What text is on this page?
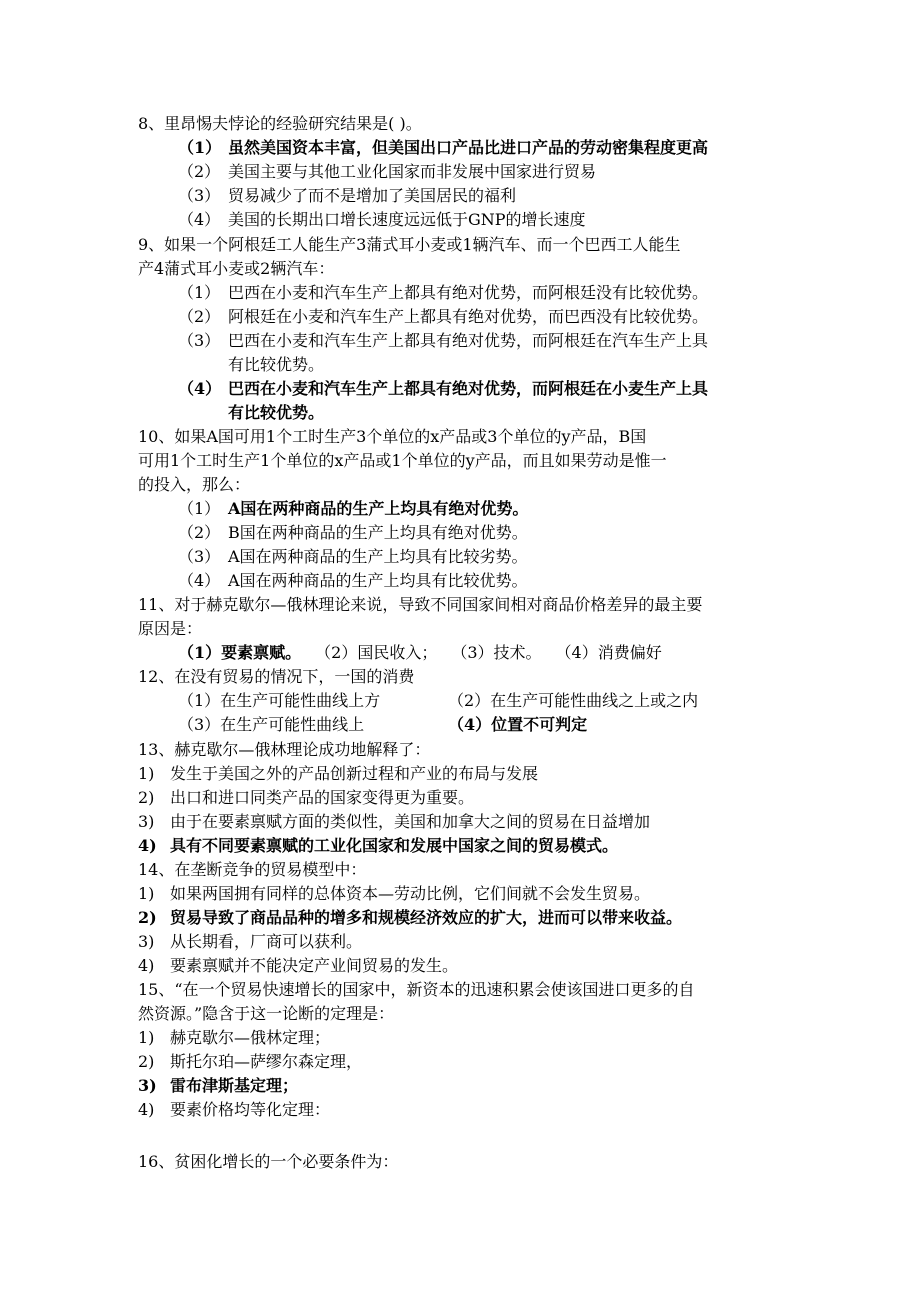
8、里昂惕夫悖论的经验研究结果是( )。
（1） 虽然美国资本丰富，但美国出口产品比进口产品的劳动密集程度更高
（2） 美国主要与其他工业化国家而非发展中国家进行贸易
（3） 贸易减少了而不是增加了美国居民的福利
（4） 美国的长期出口增长速度远远低于GNP的增长速度
9、如果一个阿根廷工人能生产3蒲式耳小麦或1辆汽车、而一个巴西工人能生
产4蒲式耳小麦或2辆汽车：
（1） 巴西在小麦和汽车生产上都具有绝对优势，而阿根廷没有比较优势。
（2） 阿根廷在小麦和汽车生产上都具有绝对优势，而巴西没有比较优势。
（3） 巴西在小麦和汽车生产上都具有绝对优势，而阿根廷在汽车生产上具
有比较优势。
（4） 巴西在小麦和汽车生产上都具有绝对优势，而阿根廷在小麦生产上具
有比较优势。
10、如果A国可用1个工时生产3个单位的x产品或3个单位的y产品，B国
可用1个工时生产1个单位的x产品或1个单位的y产品，而且如果劳动是惟一
的投入，那么：
（1） A国在两种商品的生产上均具有绝对优势。
（2） B国在两种商品的生产上均具有绝对优势。
（3） A国在两种商品的生产上均具有比较劣势。
（4） A国在两种商品的生产上均具有比较优势。
11、对于赫克歇尔—俄林理论来说，导致不同国家间相对商品价格差异的最主要
原因是：
（1）要素禀赋。 （2）国民收入； （3）技术。 （4）消费偏好
12、在没有贸易的情况下，一国的消费
（1）在生产可能性曲线上方	（2）在生产可能性曲线之上或之内
（3）在生产可能性曲线上	（4）位置不可判定
13、赫克歇尔—俄林理论成功地解释了：
1) 发生于美国之外的产品创新过程和产业的布局与发展
2) 出口和进口同类产品的国家变得更为重要。
3) 由于在要素禀赋方面的类似性，美国和加拿大之间的贸易在日益增加
4) 具有不同要素禀赋的工业化国家和发展中国家之间的贸易模式。
14、在垄断竞争的贸易模型中：
1) 如果两国拥有同样的总体资本—劳动比例，它们间就不会发生贸易。
2) 贸易导致了商品品种的增多和规模经济效应的扩大，进而可以带来收益。
3) 从长期看，厂商可以获利。
4) 要素禀赋并不能决定产业间贸易的发生。
15、“在一个贸易快速增长的国家中，新资本的迅速积累会使该国进口更多的自
然资源。”隐含于这一论断的定理是：
1) 赫克歇尔—俄林定理；
2) 斯托尔珀—萨缪尔森定理，
3) 雷布津斯基定理；
4) 要素价格均等化定理：
16、贫困化增长的一个必要条件为：
